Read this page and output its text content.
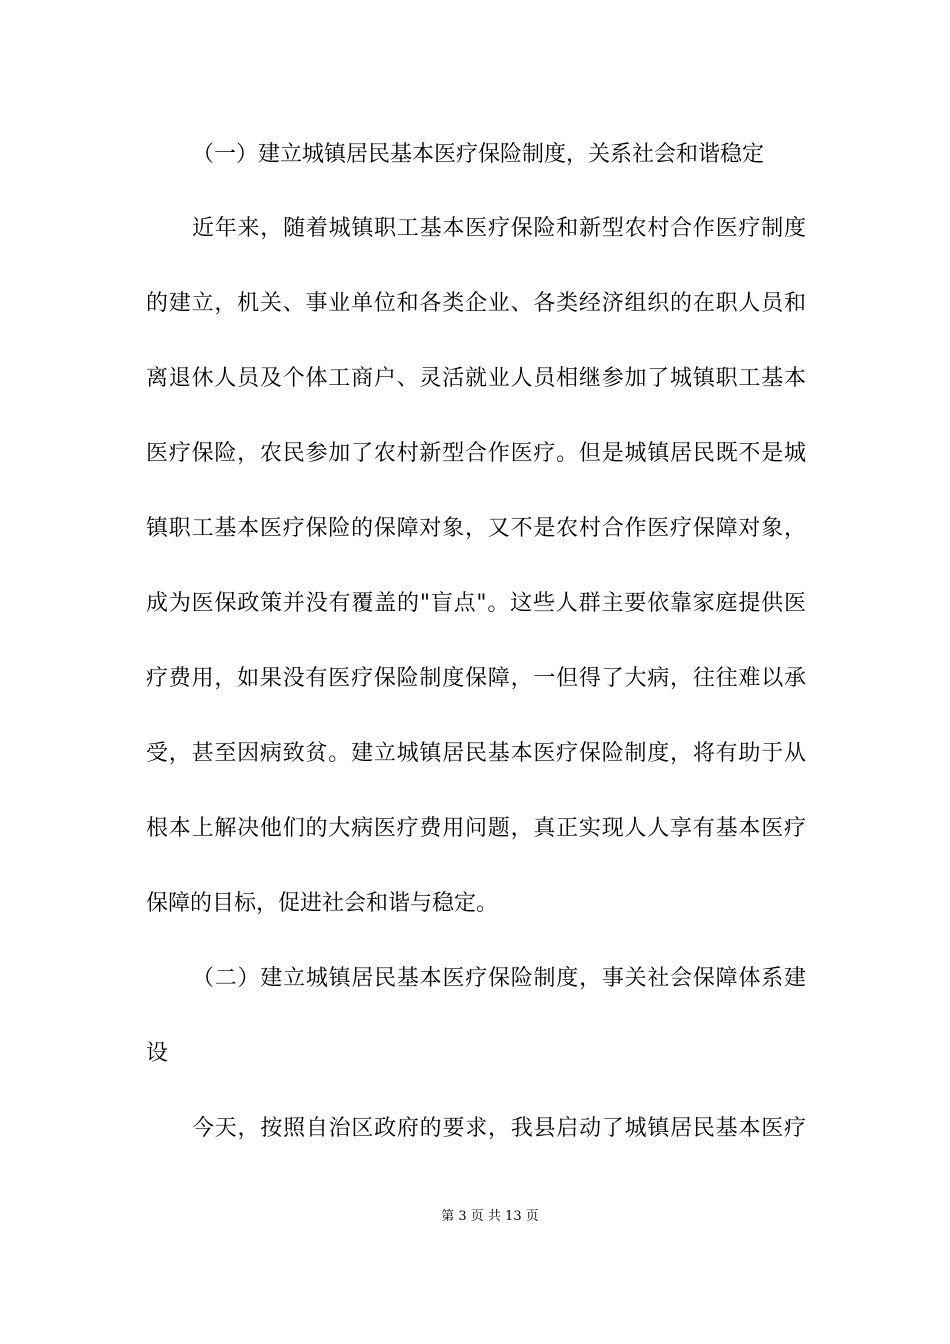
（一）建立城镇居民基本医疗保险制度，关系社会和谐稳定
近年来，随着城镇职工基本医疗保险和新型农村合作医疗制度
的建立，机关、事业单位和各类企业、各类经济组织的在职人员和
离退休人员及个体工商户、灵活就业人员相继参加了城镇职工基本
医疗保险，农民参加了农村新型合作医疗。但是城镇居民既不是城
镇职工基本医疗保险的保障对象，又不是农村合作医疗保障对象，
成为医保政策并没有覆盖的"盲点"。这些人群主要依靠家庭提供医
疗费用，如果没有医疗保险制度保障，一但得了大病，往往难以承
受，甚至因病致贫。建立城镇居民基本医疗保险制度，将有助于从
根本上解决他们的大病医疗费用问题，真正实现人人享有基本医疗
保障的目标，促进社会和谐与稳定。
（二）建立城镇居民基本医疗保险制度，事关社会保障体系建
设
今天，按照自治区政府的要求，我县启动了城镇居民基本医疗
第 3 页 共 13 页
